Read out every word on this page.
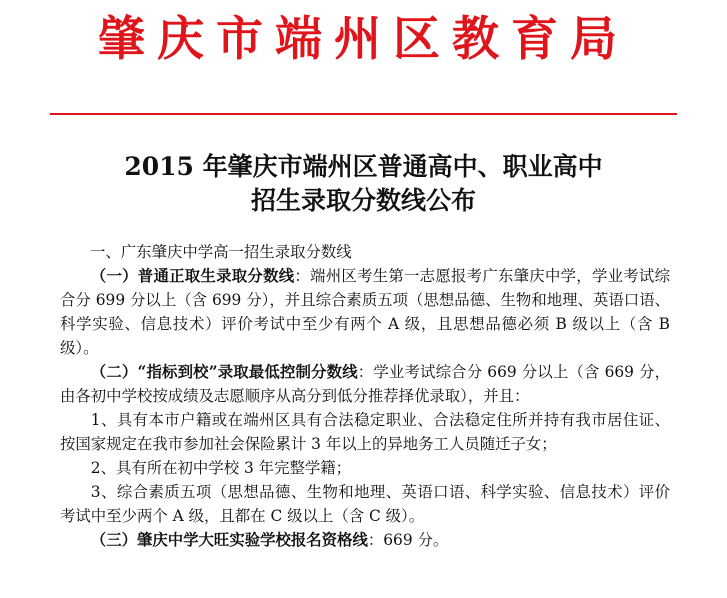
肇庆市端州区教育局
2015 年肇庆市端州区普通高中、职业高中
招生录取分数线公布

一、广东肇庆中学高一招生录取分数线

（一）普通正取生录取分数线：端州区考生第一志愿报考广东肇庆中学，学业考试综合分 699 分以上（含 699 分），并且综合素质五项（思想品德、生物和地理、英语口语、科学实验、信息技术）评价考试中至少有两个 A 级，且思想品德必须 B 级以上（含 B 级）。

（二）“指标到校”录取最低控制分数线：学业考试综合分 669 分以上（含 669 分，由各初中学校按成绩及志愿顺序从高分到低分推荐择优录取），并且：

1、具有本市户籍或在端州区具有合法稳定职业、合法稳定住所并持有我市居住证、按国家规定在我市参加社会保险累计 3 年以上的异地务工人员随迁子女；

2、具有所在初中学校 3 年完整学籍；

3、综合素质五项（思想品德、生物和地理、英语口语、科学实验、信息技术）评价考试中至少两个 A 级，且都在 C 级以上（含 C 级）。

（三）肇庆中学大旺实验学校报名资格线：669 分。
